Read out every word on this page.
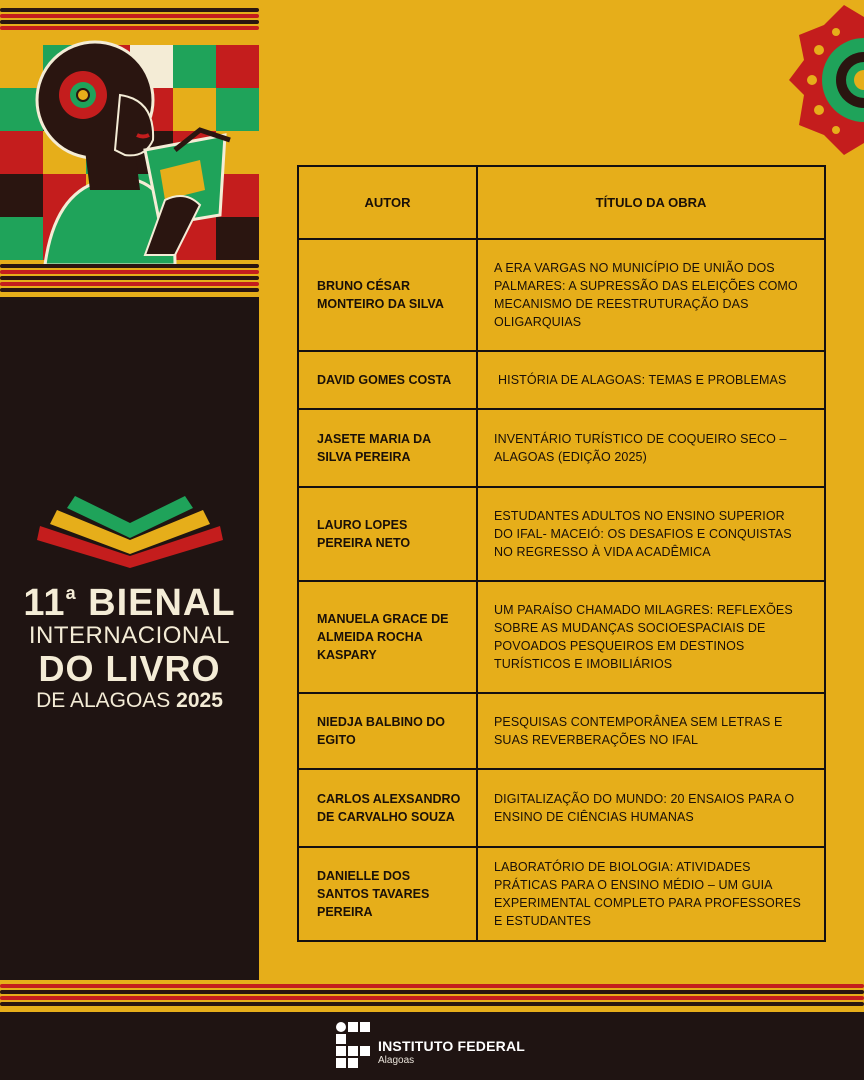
11$^a$ BIENAL
INTERNACIONAL
DO LIVRO
DE ALAGOAS 2025
AUTOR	TÍTULO DA OBRA
BRUNO CÉSAR MONTEIRO DA SILVA	A ERA VARGAS NO MUNICÍPIO DE UNIÃO DOS PALMARES: A SUPRESSÃO DAS ELEIÇÕES COMO MECANISMO DE REESTRUTURAÇÃO DAS OLIGARQUIAS
DAVID GOMES COSTA	HISTÓRIA DE ALAGOAS: TEMAS E PROBLEMAS
JASETE MARIA DA SILVA PEREIRA	INVENTÁRIO TURÍSTICO DE COQUEIRO SECO – ALAGOAS (EDIÇÃO 2025)
LAURO LOPES PEREIRA NETO	ESTUDANTES ADULTOS NO ENSINO SUPERIOR DO IFAL- MACEIÓ: OS DESAFIOS E CONQUISTAS NO REGRESSO À VIDA ACADÊMICA
MANUELA GRACE DE ALMEIDA ROCHA KASPARY	UM PARAÍSO CHAMADO MILAGRES: REFLEXÕES SOBRE AS MUDANÇAS SOCIOESPACIAIS DE POVOADOS PESQUEIROS EM DESTINOS TURÍSTICOS E IMOBILIÁRIOS
NIEDJA BALBINO DO EGITO	PESQUISAS CONTEMPORÂNEA SEM LETRAS E SUAS REVERBERAÇÕES NO IFAL
CARLOS ALEXSANDRO DE CARVALHO SOUZA	DIGITALIZAÇÃO DO MUNDO: 20 ENSAIOS PARA O ENSINO DE CIÊNCIAS HUMANAS
DANIELLE DOS SANTOS TAVARES PEREIRA	LABORATÓRIO DE BIOLOGIA: ATIVIDADES PRÁTICAS PARA O ENSINO MÉDIO – UM GUIA EXPERIMENTAL COMPLETO PARA PROFESSORES E ESTUDANTES
INSTITUTO FEDERAL
Alagoas
